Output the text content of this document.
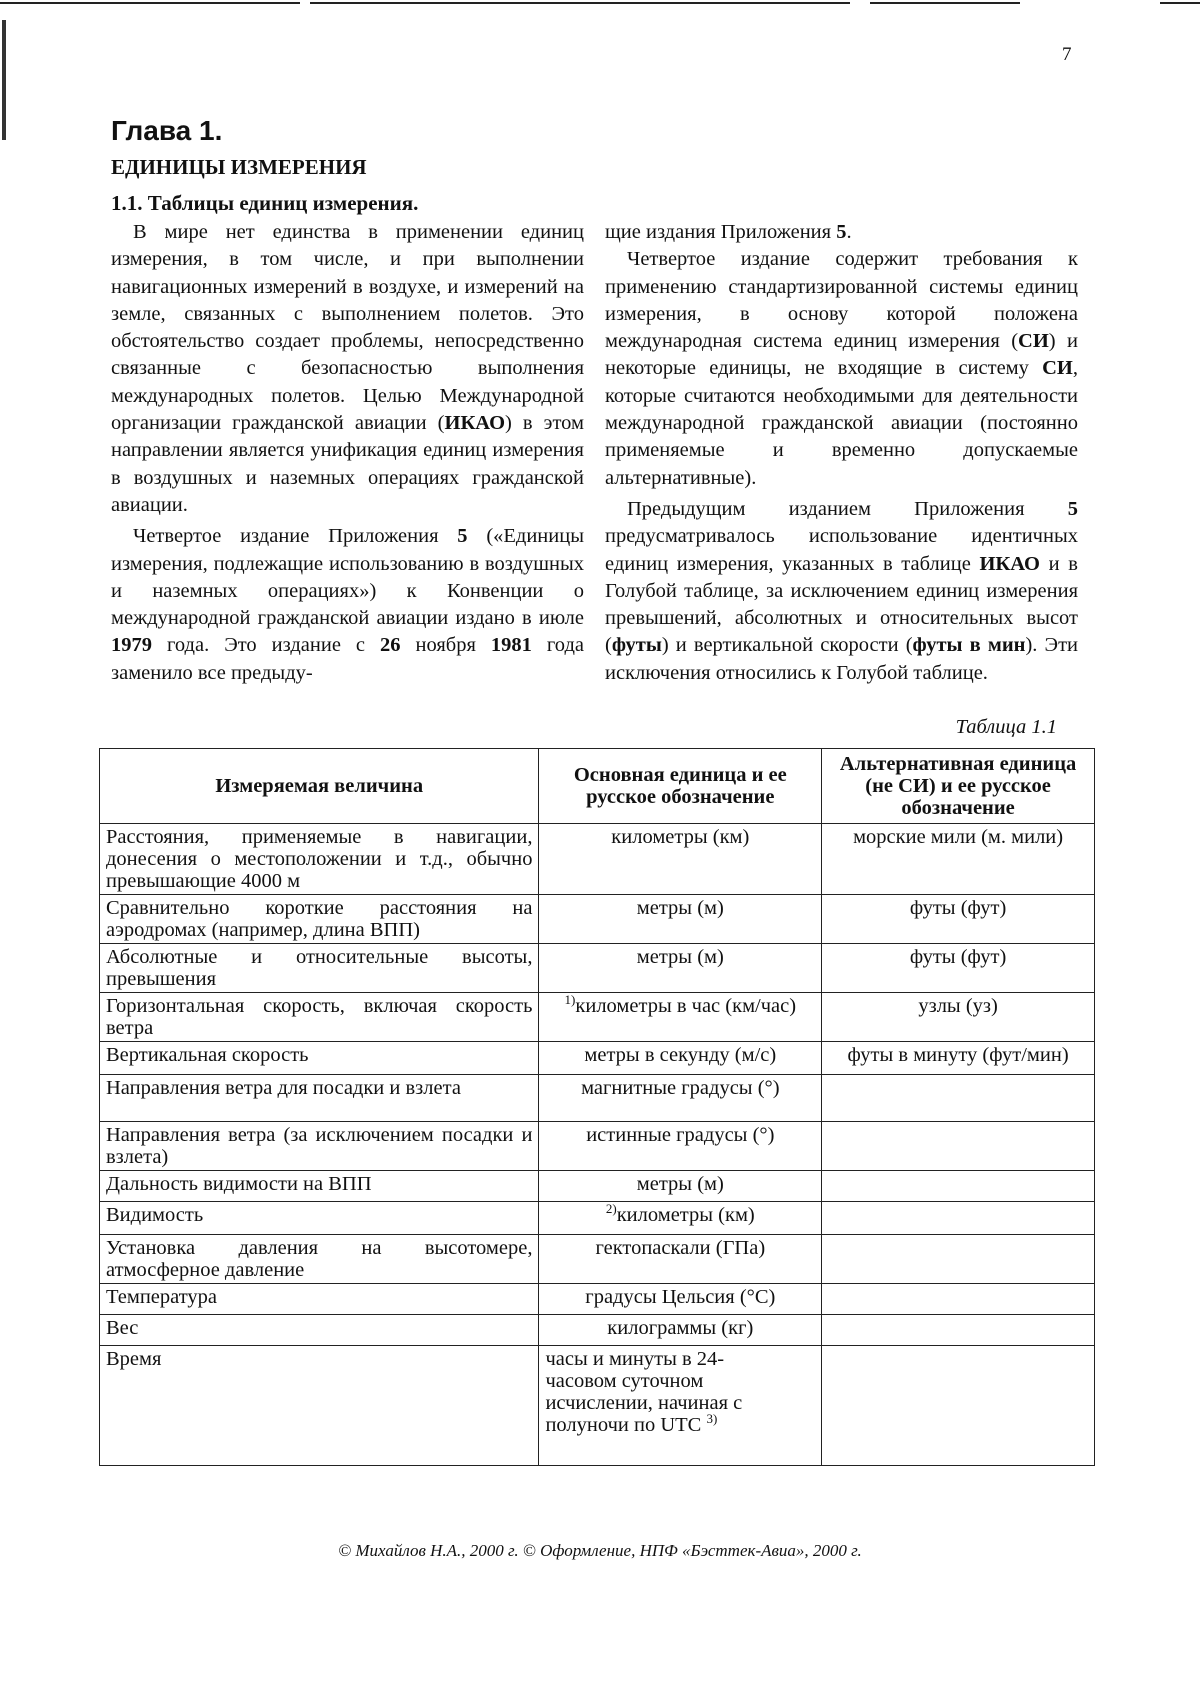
7
Глава 1.
ЕДИНИЦЫ ИЗМЕРЕНИЯ
1.1. Таблицы единиц измерения.

В мире нет единства в применении единиц измерения, в том числе, и при выполнении навигационных измерений в воздухе, и измерений на земле, связанных с выполнением полетов. Это обстоятельство создает проблемы, непосредственно связанные с безопасностью выполнения международных полетов. Целью Международной организации гражданской авиации (ИКАО) в этом направлении является унификация единиц измерения в воздушных и наземных операциях гражданской авиации.

Четвертое издание Приложения 5 («Единицы измерения, подлежащие использованию в воздушных и наземных операциях») к Конвенции о международной гражданской авиации издано в июле 1979 года. Это издание с 26 ноября 1981 года заменило все предыду-

щие издания Приложения 5.

Четвертое издание содержит требования к применению стандартизированной системы единиц измерения, в основу которой положена международная система единиц измерения (СИ) и некоторые единицы, не входящие в систему СИ, которые считаются необходимыми для деятельности международной гражданской авиации (постоянно применяемые и временно допускаемые альтернативные).

Предыдущим изданием Приложения 5 предусматривалось использование идентичных единиц измерения, указанных в таблице ИКАО и в Голубой таблице, за исключением единиц измерения превышений, абсолютных и относительных высот (футы) и вертикальной скорости (футы в мин). Эти исключения относились к Голубой таблице.

Таблица 1.1
Измеряемая величина	Основная единица и ее русское обозначение	Альтернативная единица (не СИ) и ее русское обозначение
Расстояния, применяемые в навигации, донесения о местоположении и т.д., обычно превышающие 4000 м	километры (км)	морские мили (м. мили)
Сравнительно короткие расстояния на аэродромах (например, длина ВПП)	метры (м)	футы (фут)
Абсолютные и относительные высоты, превышения	метры (м)	футы (фут)
Горизонтальная скорость, включая скорость ветра	$^{1)}$километры в час (км/час)	узлы (уз)
Вертикальная скорость	метры в секунду (м/с)	футы в минуту (фут/мин)
Направления ветра для посадки и взлета	магнитные градусы (°)	
Направления ветра (за исключением посадки и взлета)	истинные градусы (°)	
Дальность видимости на ВПП	метры (м)	
Видимость	$^{2)}$километры (км)	
Установка давления на высотомере, атмосферное давление	гектопаскали (ГПа)	
Температура	градусы Цельсия (°С)	
Вес	килограммы (кг)	
Время	часы и минуты в 24-часовом суточном исчислении, начиная с полуночи по UTC $^{3)}$	
© Михайлов Н.А., 2000 г. © Оформление, НПФ «Бэсттек-Авиа», 2000 г.
